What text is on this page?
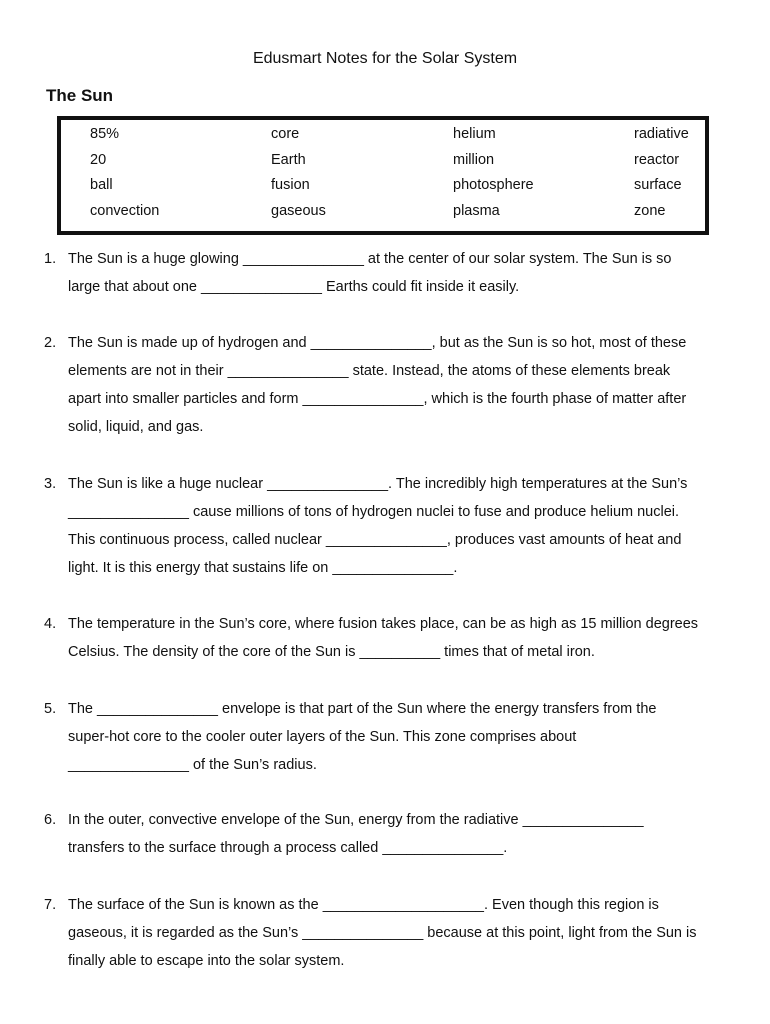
Edusmart Notes for the Solar System
The Sun
85%	core	helium	radiative
20	Earth	million	reactor
ball	fusion	photosphere	surface
convection	gaseous	plasma	zone
1. The Sun is a huge glowing _______________ at the center of our solar system. The Sun is so
large that about one _______________ Earths could fit inside it easily.
2. The Sun is made up of hydrogen and _______________, but as the Sun is so hot, most of these
elements are not in their _______________ state. Instead, the atoms of these elements break
apart into smaller particles and form _______________, which is the fourth phase of matter after
solid, liquid, and gas.
3. The Sun is like a huge nuclear _______________. The incredibly high temperatures at the Sun’s
_______________ cause millions of tons of hydrogen nuclei to fuse and produce helium nuclei.
This continuous process, called nuclear _______________, produces vast amounts of heat and
light. It is this energy that sustains life on _______________.
4. The temperature in the Sun’s core, where fusion takes place, can be as high as 15 million degrees
Celsius. The density of the core of the Sun is __________ times that of metal iron.
5. The _______________ envelope is that part of the Sun where the energy transfers from the
super-hot core to the cooler outer layers of the Sun. This zone comprises about
_______________ of the Sun’s radius.
6. In the outer, convective envelope of the Sun, energy from the radiative _______________
transfers to the surface through a process called _______________.
7. The surface of the Sun is known as the ____________________. Even though this region is
gaseous, it is regarded as the Sun’s _______________ because at this point, light from the Sun is
finally able to escape into the solar system.
